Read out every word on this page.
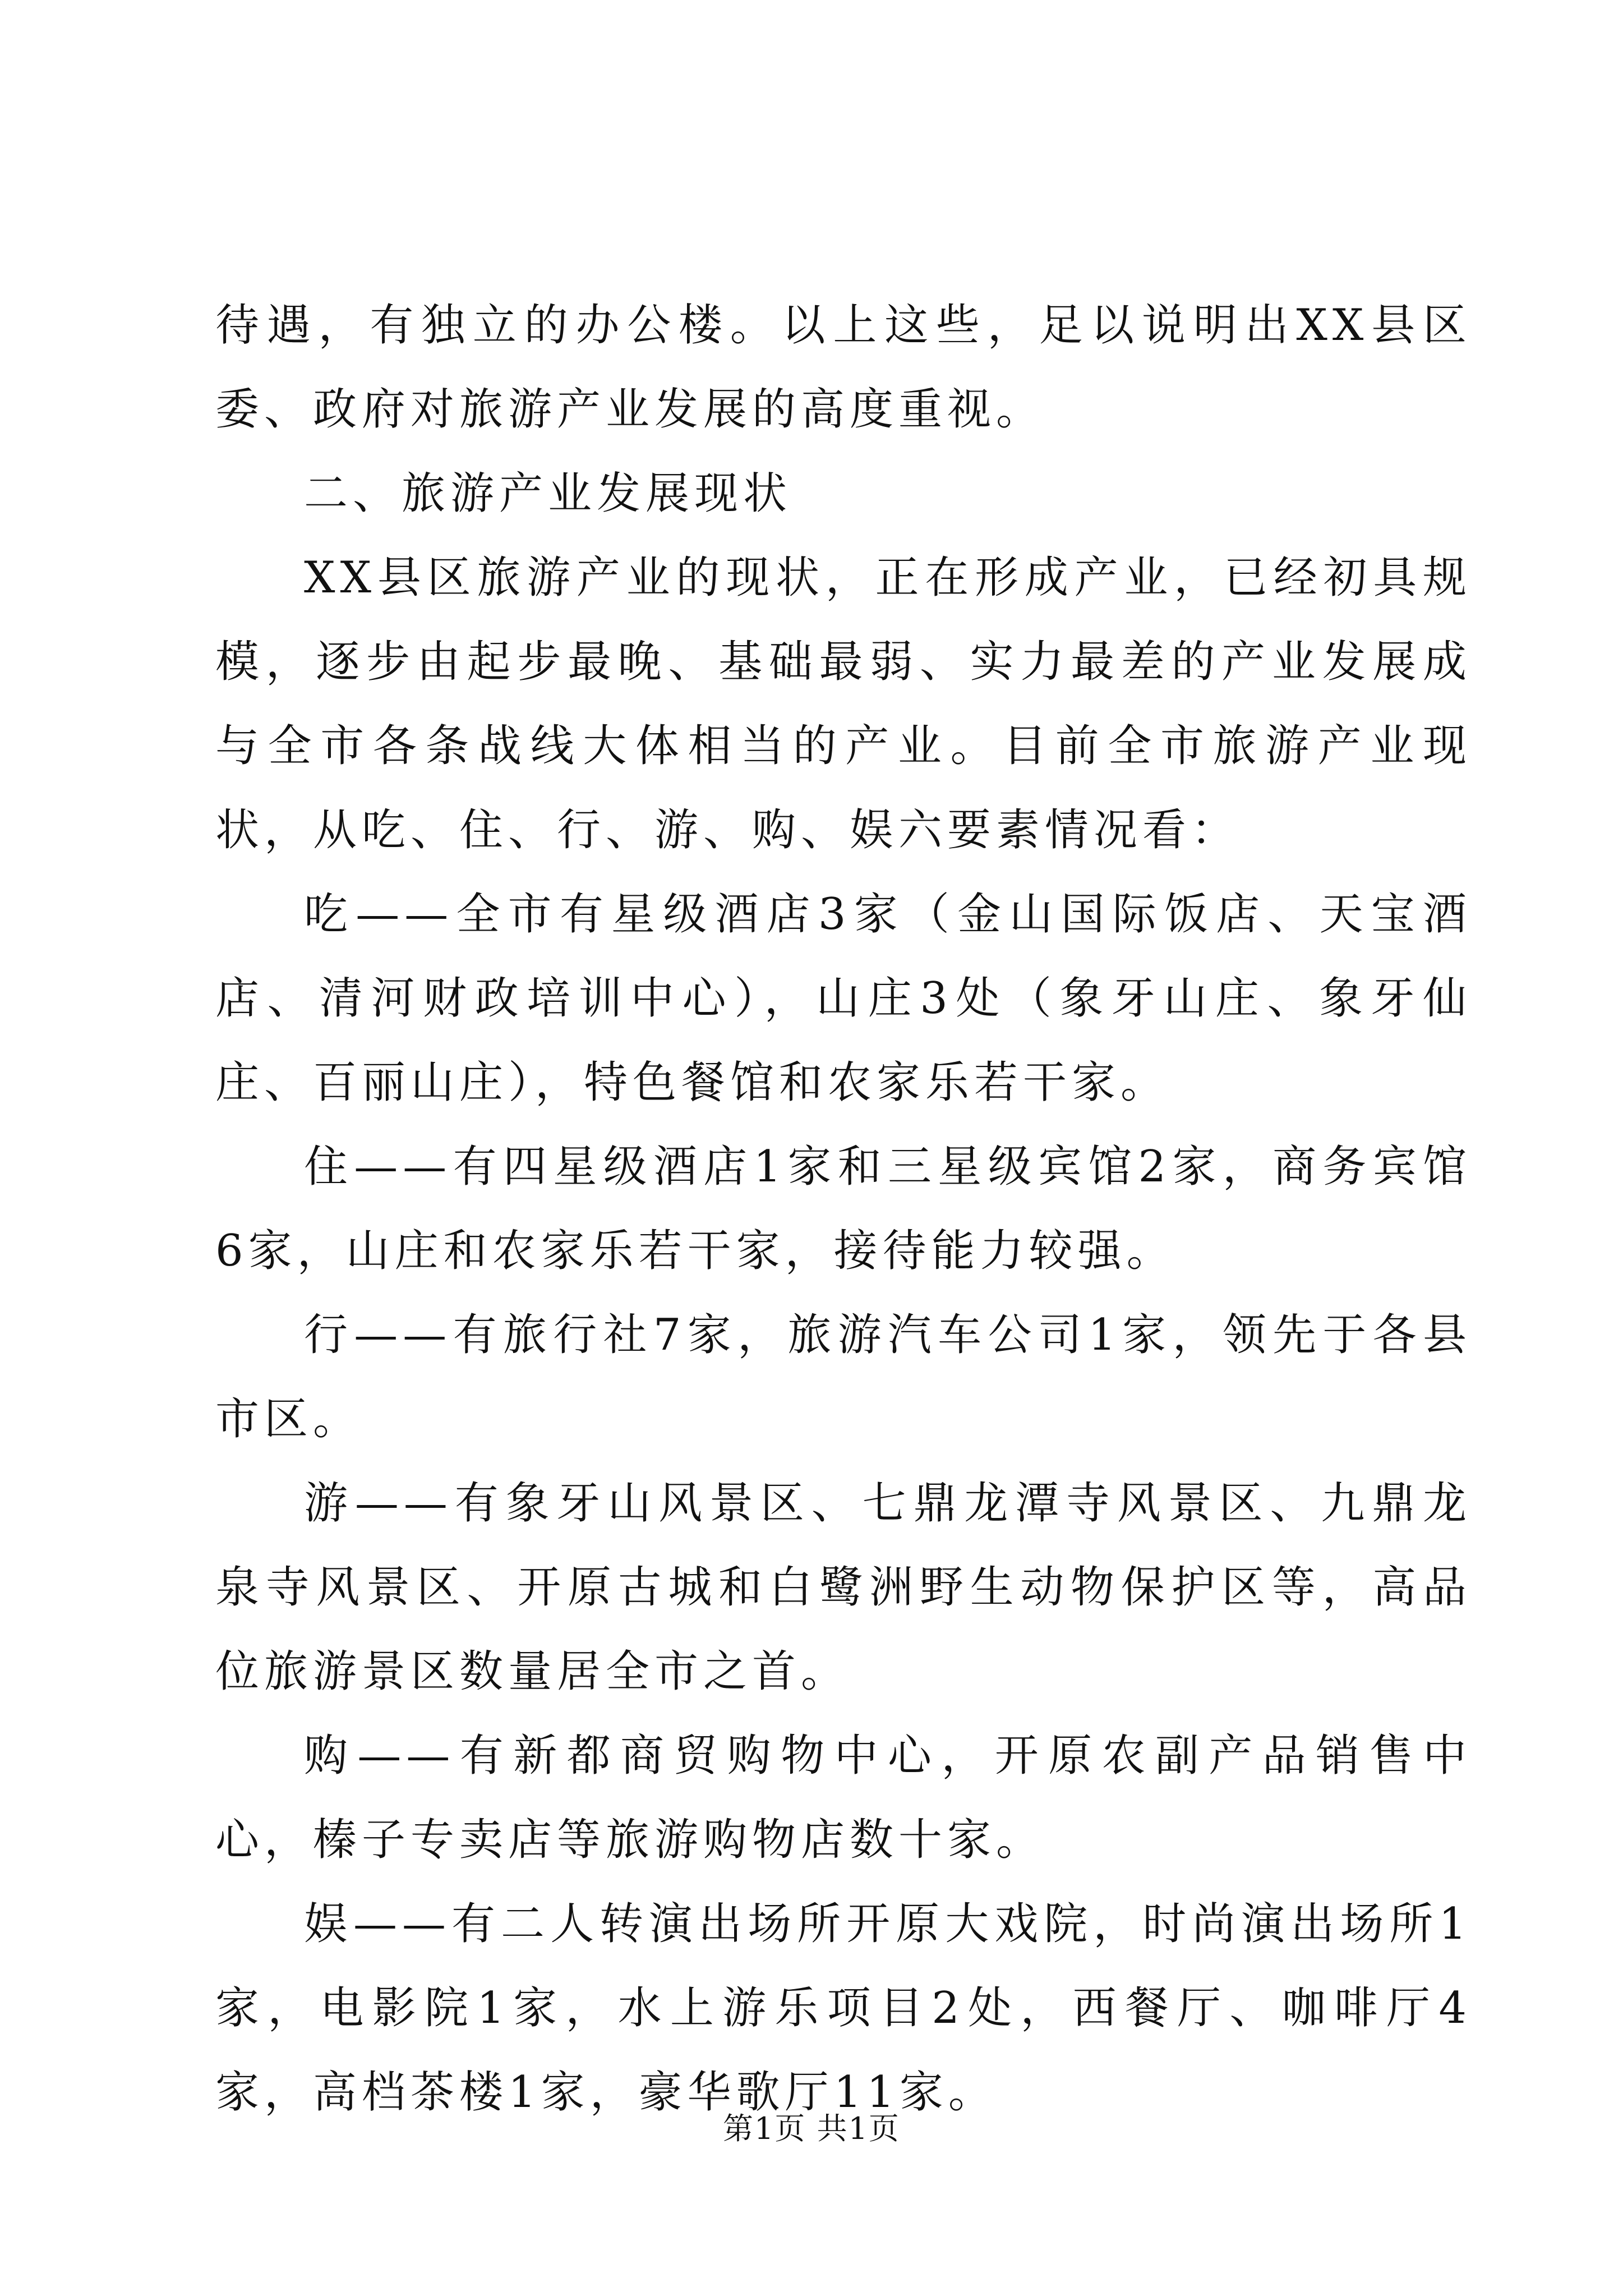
待遇，有独立的办公楼。以上这些，足以说明出XX县区委、政府对旅游产业发展的高度重视。

二、旅游产业发展现状

XX县区旅游产业的现状，正在形成产业，已经初具规模，逐步由起步最晚、基础最弱、实力最差的产业发展成与全市各条战线大体相当的产业。目前全市旅游产业现状，从吃、住、行、游、购、娱六要素情况看：

吃——全市有星级酒店3家（金山国际饭店、天宝酒店、清河财政培训中心），山庄3处（象牙山庄、象牙仙庄、百丽山庄），特色餐馆和农家乐若干家。

住——有四星级酒店1家和三星级宾馆2家，商务宾馆6家，山庄和农家乐若干家，接待能力较强。

行——有旅行社7家，旅游汽车公司1家，领先于各县市区。

游——有象牙山风景区、七鼎龙潭寺风景区、九鼎龙泉寺风景区、开原古城和白鹭洲野生动物保护区等，高品位旅游景区数量居全市之首。

购——有新都商贸购物中心，开原农副产品销售中心，榛子专卖店等旅游购物店数十家。

娱——有二人转演出场所开原大戏院，时尚演出场所1家，电影院1家，水上游乐项目2处，西餐厅、咖啡厅4家，高档茶楼1家，豪华歌厅11家。

第1页 共1页
